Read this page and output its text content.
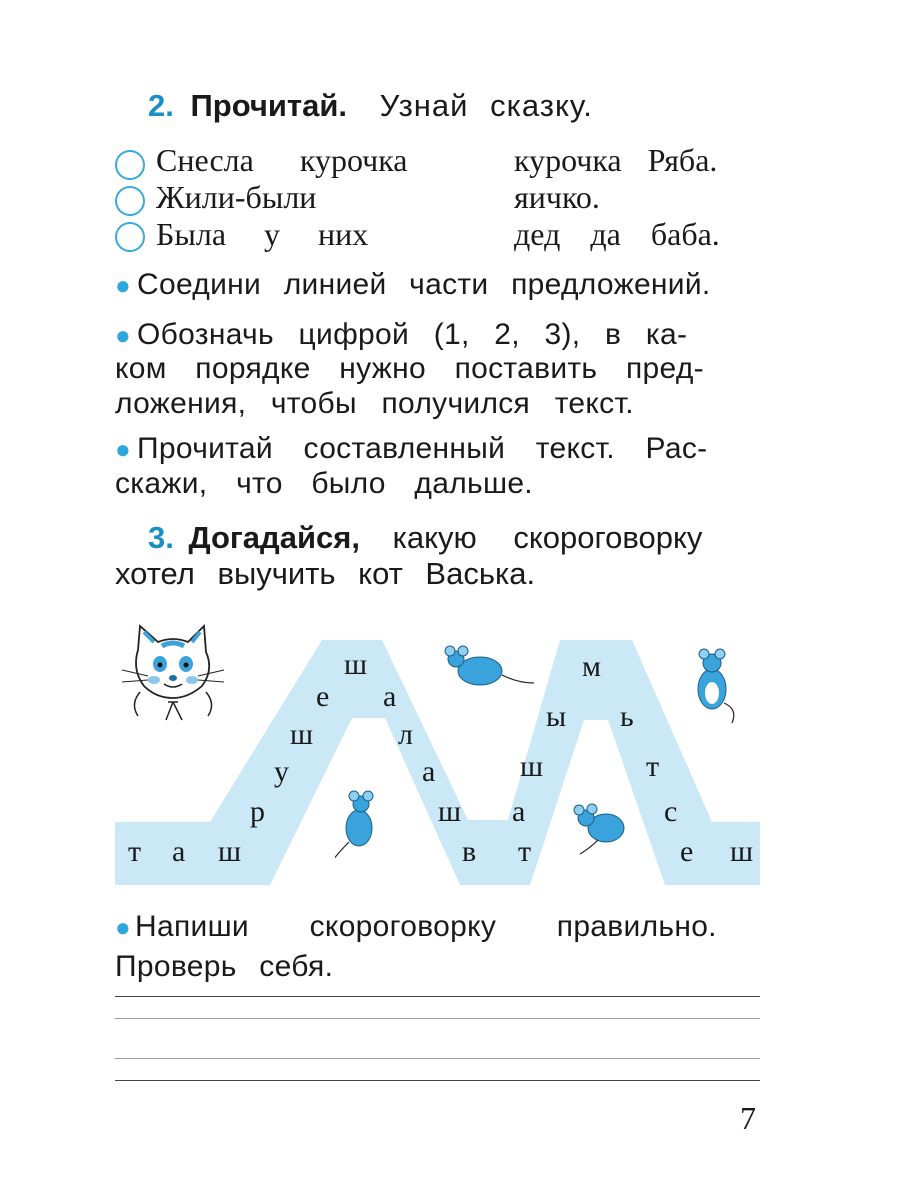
2. Прочитай. Узнай сказку.
Снесла курочка	курочка Ряба.
Жили-были	яичко.
Была у них	дед да баба.
● Соедини линией части предложений.
● Обозначь цифрой (1, 2, 3), в ка-
ком порядке нужно поставить пред-
ложения, чтобы получился текст.
● Прочитай составленный текст. Рас-
скажи, что было дальше.
3. Догадайся, какую скороговорку
хотел выучить кот Васька.
т а ш
р
у
ш
е
ш
а
л
а
ш
в т
а
ш
ы
м
ь
т
с
е ш
● Напиши скороговорку правильно.
Проверь себя.
7
